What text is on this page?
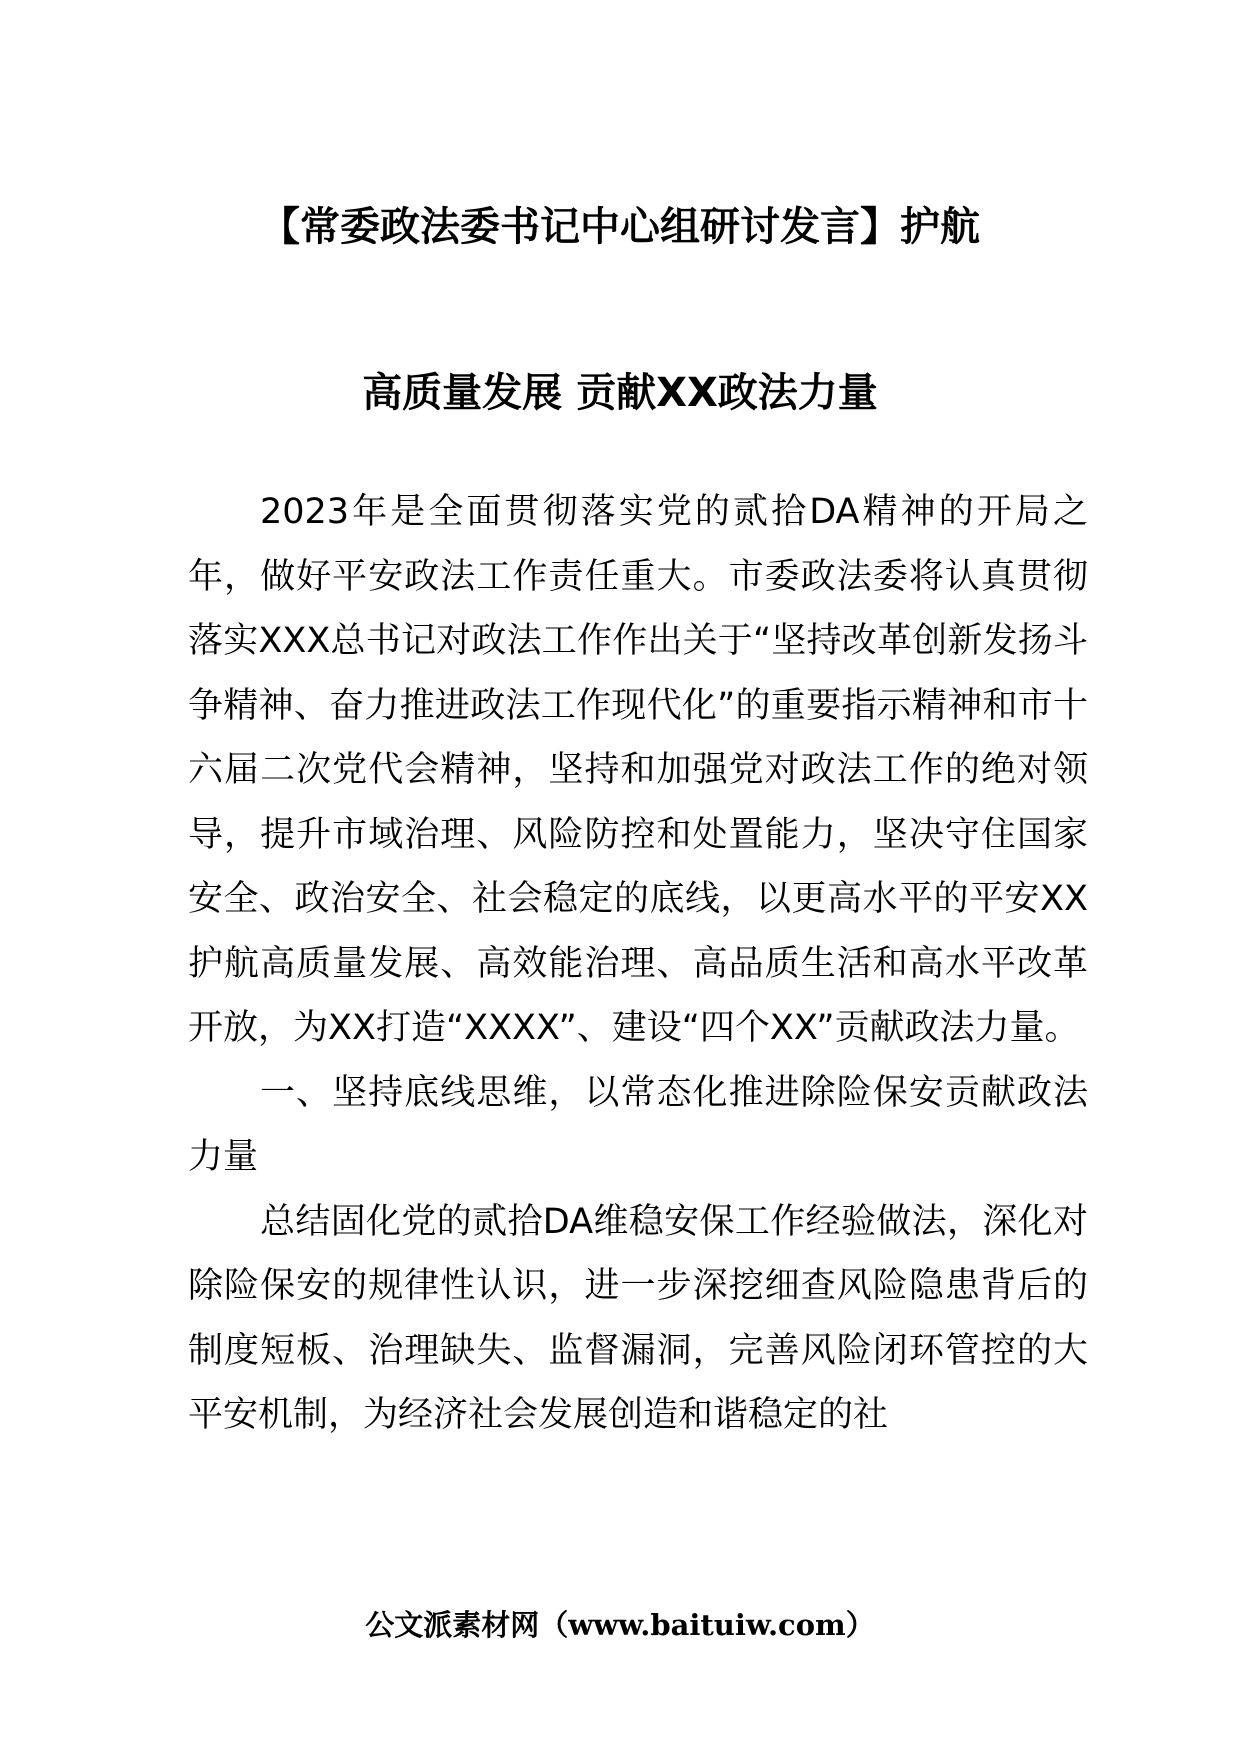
【常委政法委书记中心组研讨发言】护航
高质量发展 贡献XX政法力量

2023年是全面贯彻落实党的贰拾DA精神的开局之年，做好平安政法工作责任重大。市委政法委将认真贯彻落实XXX总书记对政法工作作出关于“坚持改革创新发扬斗争精神、奋力推进政法工作现代化”的重要指示精神和市十六届二次党代会精神，坚持和加强党对政法工作的绝对领导，提升市域治理、风险防控和处置能力，坚决守住国家安全、政治安全、社会稳定的底线，以更高水平的平安XX护航高质量发展、高效能治理、高品质生活和高水平改革开放，为XX打造“XXXX”、建设“四个XX”贡献政法力量。

一、坚持底线思维，以常态化推进除险保安贡献政法力量

总结固化党的贰拾DA维稳安保工作经验做法，深化对除险保安的规律性认识，进一步深挖细查风险隐患背后的制度短板、治理缺失、监督漏洞，完善风险闭环管控的大平安机制，为经济社会发展创造和谐稳定的社

公文派素材网（www.baituiw.com）
